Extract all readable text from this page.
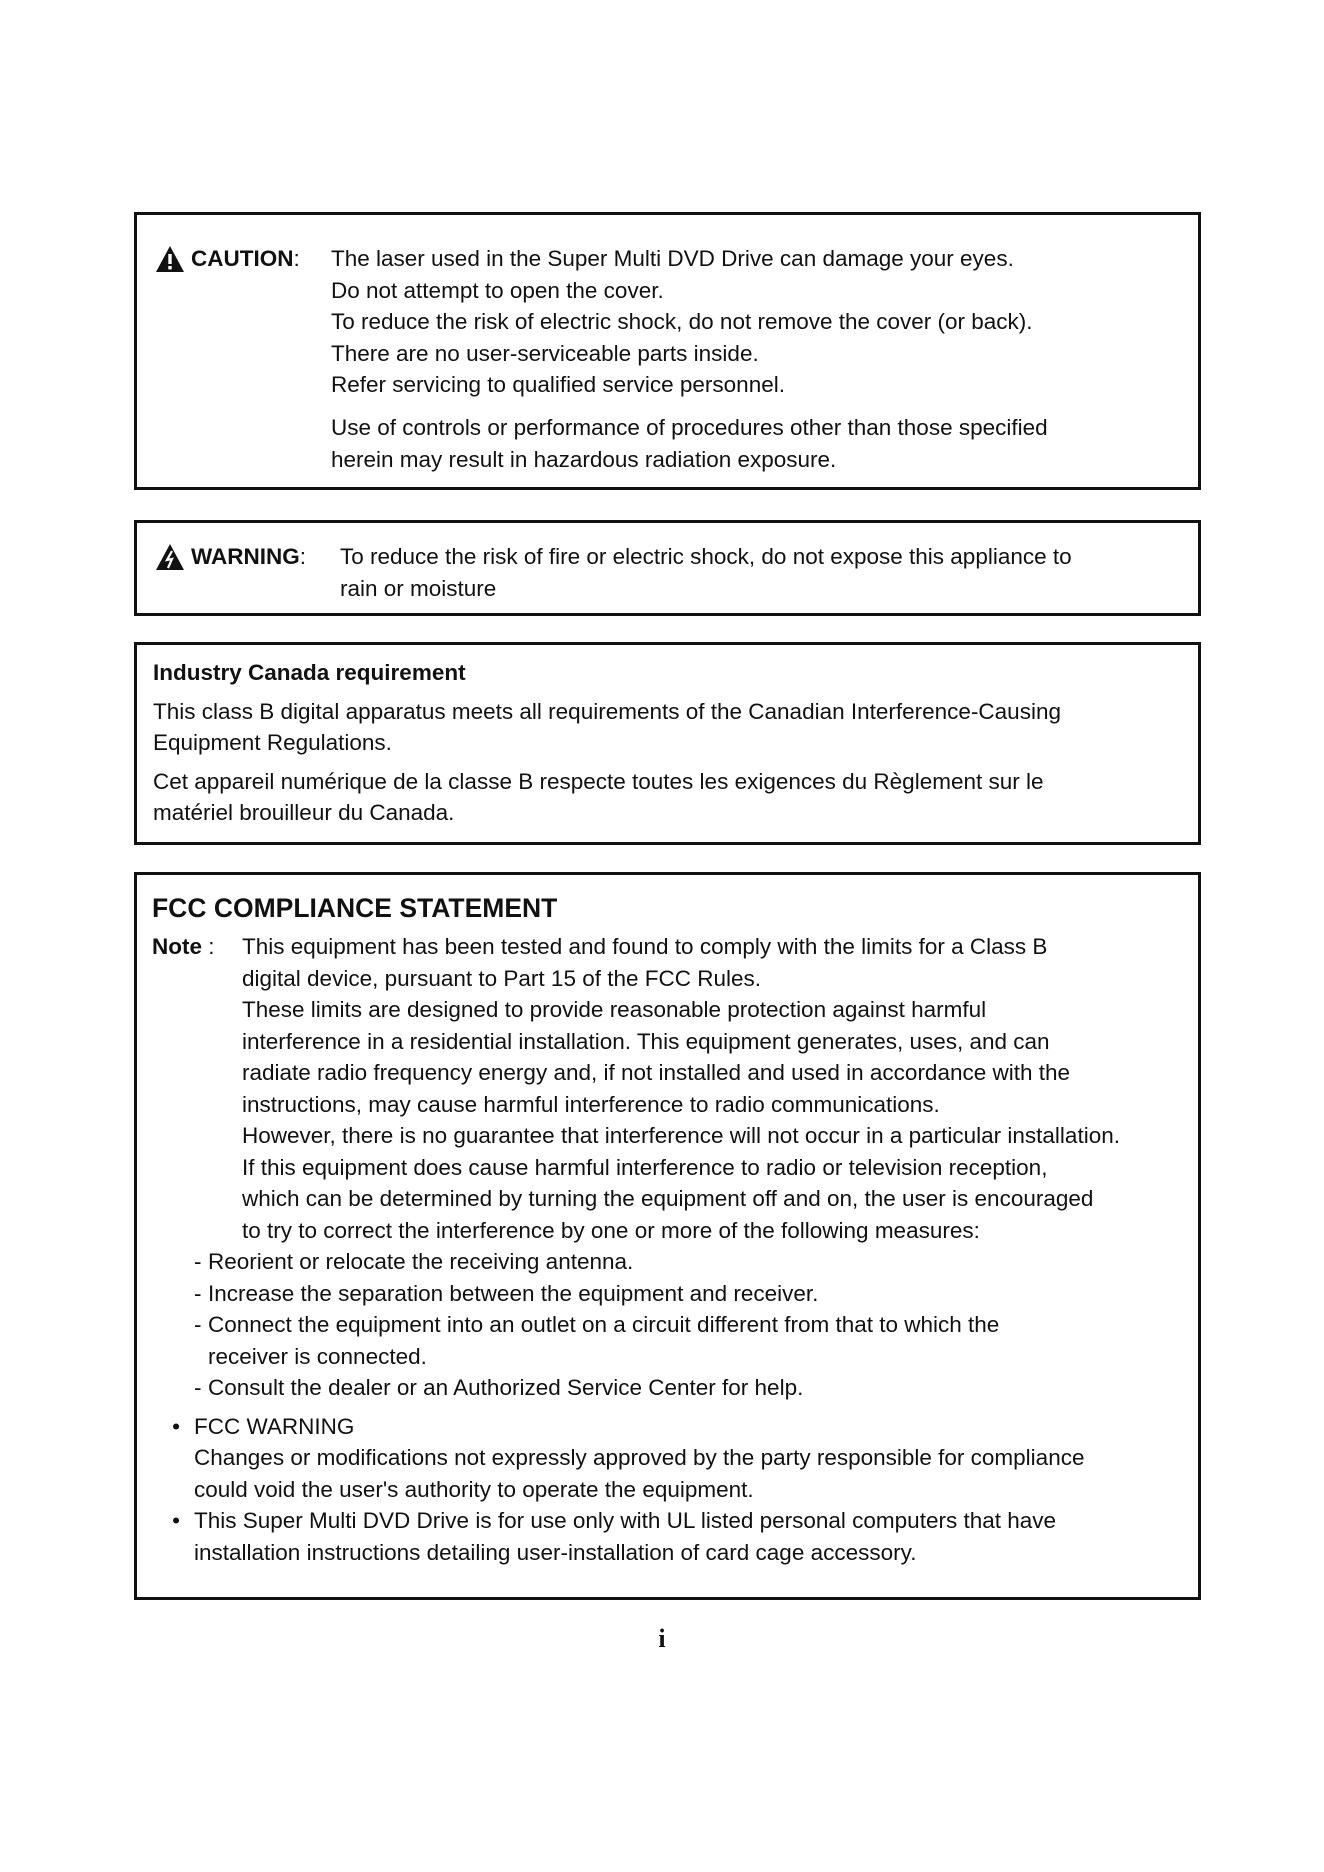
CAUTION : The laser used in the Super Multi DVD Drive can damage your eyes.
Do not attempt to open the cover.
To reduce the risk of electric shock, do not remove the cover (or back).
There are no user-serviceable parts inside.
Refer servicing to qualified service personnel.
Use of controls or performance of procedures other than those specified
herein may result in hazardous radiation exposure.
WARNING : To reduce the risk of fire or electric shock, do not expose this appliance to
rain or moisture
Industry Canada requirement
This class B digital apparatus meets all requirements of the Canadian Interference-Causing
Equipment Regulations.
Cet appareil numérique de la classe B respecte toutes les exigences du Règlement sur le
matériel brouilleur du Canada.
FCC COMPLIANCE STATEMENT
Note :	This equipment has been tested and found to comply with the limits for a Class B
digital device, pursuant to Part 15 of the FCC Rules.
These limits are designed to provide reasonable protection against harmful
interference in a residential installation. This equipment generates, uses, and can
radiate radio frequency energy and, if not installed and used in accordance with the
instructions, may cause harmful interference to radio communications.
However, there is no guarantee that interference will not occur in a particular installation.
If this equipment does cause harmful interference to radio or television reception,
which can be determined by turning the equipment off and on, the user is encouraged
to try to correct the interference by one or more of the following measures:
- Reorient or relocate the receiving antenna.
- Increase the separation between the equipment and receiver.
- Connect the equipment into an outlet on a circuit different from that to which the
receiver is connected.
- Consult the dealer or an Authorized Service Center for help.
• FCC WARNING
Changes or modifications not expressly approved by the party responsible for compliance
could void the user's authority to operate the equipment.
• This Super Multi DVD Drive is for use only with UL listed personal computers that have
installation instructions detailing user-installation of card cage accessory.
i
